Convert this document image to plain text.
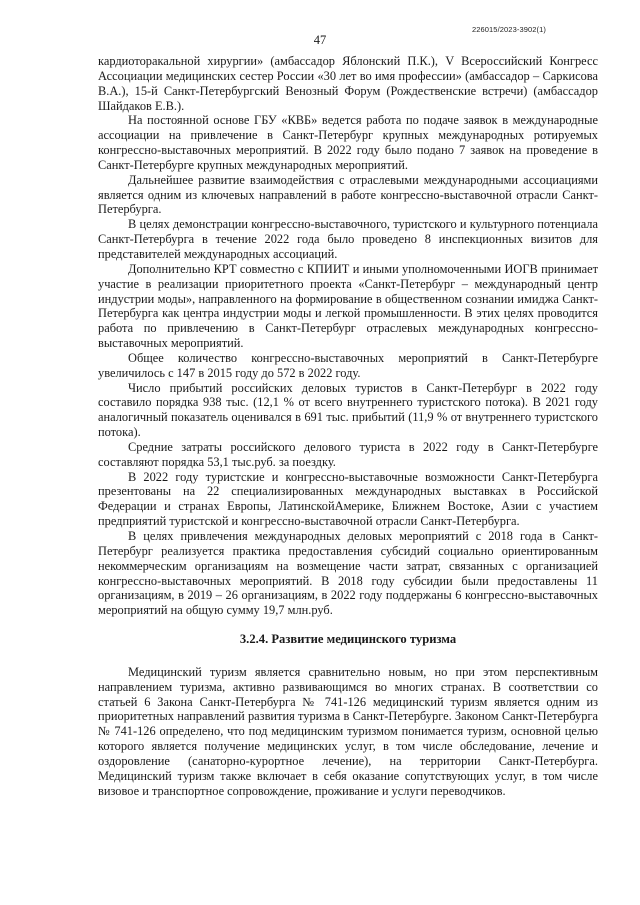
226015/2023-3902(1)
47

кардиоторакальной хирургии» (амбассадор Яблонский П.К.), V Всероссийский Конгресс Ассоциации медицинских сестер России «30 лет во имя профессии» (амбассадор – Саркисова В.А.), 15-й Санкт-Петербургский Венозный Форум (Рождественские встречи) (амбассадор Шайдаков Е.В.).

На постоянной основе ГБУ «КВБ» ведется работа по подаче заявок в международные ассоциации на привлечение в Санкт-Петербург крупных международных ротируемых конгрессно-выставочных мероприятий. В 2022 году было подано 7 заявок на проведение в Санкт-Петербурге крупных международных мероприятий.

Дальнейшее развитие взаимодействия с отраслевыми международными ассоциациями является одним из ключевых направлений в работе конгрессно-выставочной отрасли Санкт-Петербурга.

В целях демонстрации конгрессно-выставочного, туристского и культурного потенциала Санкт-Петербурга в течение 2022 года было проведено 8 инспекционных визитов для представителей международных ассоциаций.

Дополнительно КРТ совместно с КПИИТ и иными уполномоченными ИОГВ принимает участие в реализации приоритетного проекта «Санкт-Петербург – международный центр индустрии моды», направленного на формирование в общественном сознании имиджа Санкт-Петербурга как центра индустрии моды и легкой промышленности. В этих целях проводится работа по привлечению в Санкт-Петербург отраслевых международных конгрессно-выставочных мероприятий.

Общее количество конгрессно-выставочных мероприятий в Санкт-Петербурге увеличилось с 147 в 2015 году до 572 в 2022 году.

Число прибытий российских деловых туристов в Санкт-Петербург в 2022 году составило порядка 938 тыс. (12,1 % от всего внутреннего туристского потока). В 2021 году аналогичный показатель оценивался в 691 тыс. прибытий (11,9 % от внутреннего туристского потока).

Средние затраты российского делового туриста в 2022 году в Санкт-Петербурге составляют порядка 53,1 тыс.руб. за поездку.

В 2022 году туристские и конгрессно-выставочные возможности Санкт-Петербурга презентованы на 22 специализированных международных выставках в Российской Федерации и странах Европы, ЛатинскойАмерике, Ближнем Востоке, Азии с участием предприятий туристской и конгрессно-выставочной отрасли Санкт-Петербурга.

В целях привлечения международных деловых мероприятий с 2018 года в Санкт-Петербург реализуется практика предоставления субсидий социально ориентированным некоммерческим организациям на возмещение части затрат, связанных с организацией конгрессно-выставочных мероприятий. В 2018 году субсидии были предоставлены 11 организациям, в 2019 – 26 организациям, в 2022 году поддержаны 6 конгрессно-выставочных мероприятий на общую сумму 19,7 млн.руб.

3.2.4. Развитие медицинского туризма

Медицинский туризм является сравнительно новым, но при этом перспективным направлением туризма, активно развивающимся во многих странах. В соответствии со статьей 6 Закона Санкт-Петербурга № 741-126 медицинский туризм является одним из приоритетных направлений развития туризма в Санкт-Петербурге. Законом Санкт-Петербурга № 741-126 определено, что под медицинским туризмом понимается туризм, основной целью которого является получение медицинских услуг, в том числе обследование, лечение и оздоровление (санаторно-курортное лечение), на территории Санкт-Петербурга. Медицинский туризм также включает в себя оказание сопутствующих услуг, в том числе визовое и транспортное сопровождение, проживание и услуги переводчиков.
